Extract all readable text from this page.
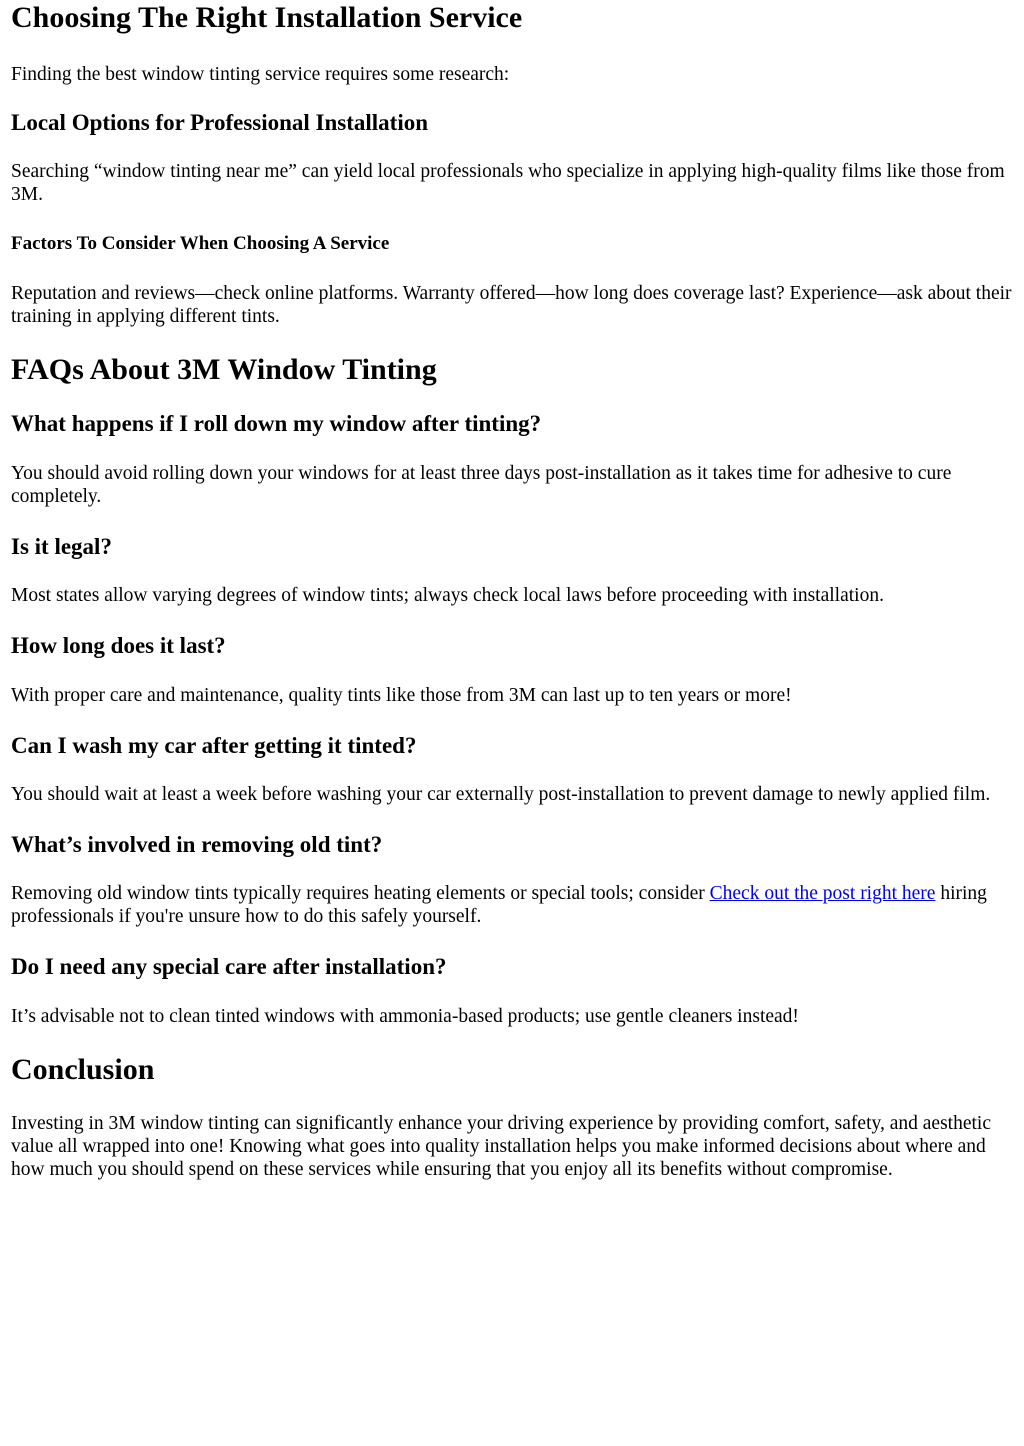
Choosing The Right Installation Service

Finding the best window tinting service requires some research:

Local Options for Professional Installation

Searching “window tinting near me” can yield local professionals who specialize in applying high-quality films like those from 3M.

Factors To Consider When Choosing A Service

Reputation and reviews—check online platforms. Warranty offered—how long does coverage last? Experience—ask about their training in applying different tints.

FAQs About 3M Window Tinting
What happens if I roll down my window after tinting?

You should avoid rolling down your windows for at least three days post-installation as it takes time for adhesive to cure completely.

Is it legal?

Most states allow varying degrees of window tints; always check local laws before proceeding with installation.

How long does it last?

With proper care and maintenance, quality tints like those from 3M can last up to ten years or more!

Can I wash my car after getting it tinted?

You should wait at least a week before washing your car externally post-installation to prevent damage to newly applied film.

What’s involved in removing old tint?

Removing old window tints typically requires heating elements or special tools; consider Check out the post right here hiring professionals if you're unsure how to do this safely yourself.

Do I need any special care after installation?

It’s advisable not to clean tinted windows with ammonia-based products; use gentle cleaners instead!

Conclusion

Investing in 3M window tinting can significantly enhance your driving experience by providing comfort, safety, and aesthetic value all wrapped into one! Knowing what goes into quality installation helps you make informed decisions about where and how much you should spend on these services while ensuring that you enjoy all its benefits without compromise.
